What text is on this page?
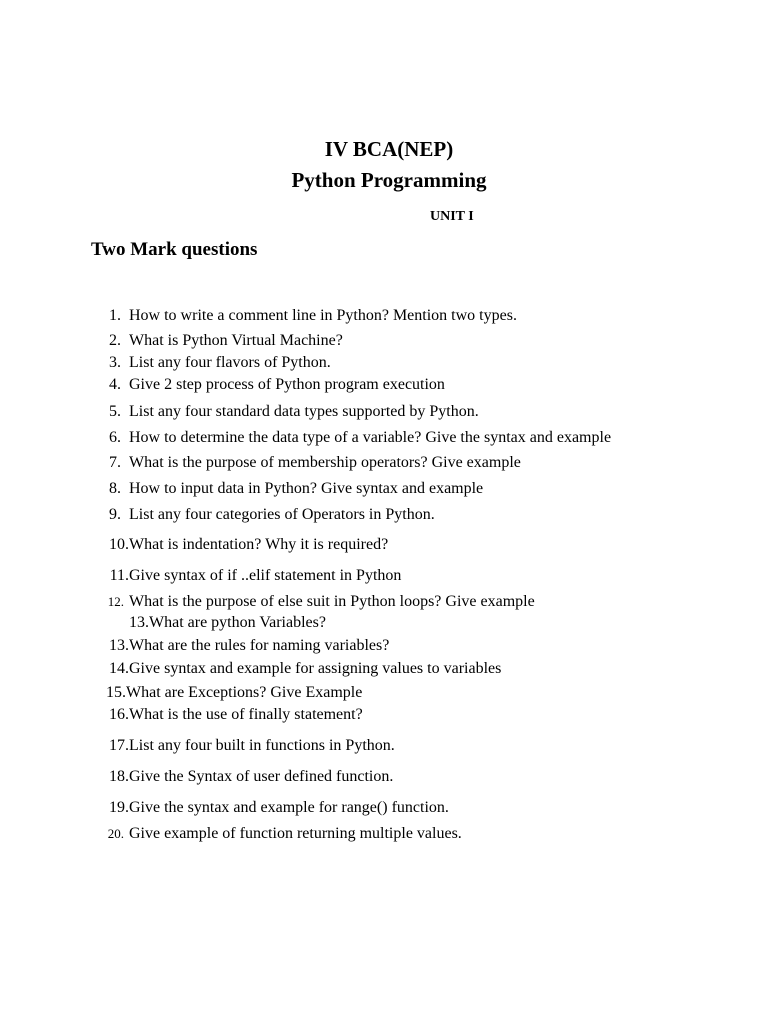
IV BCA(NEP)
Python Programming
UNIT I
Two Mark questions
1. How to write a comment line in Python? Mention two types.
2. What is Python Virtual Machine?
3. List any four flavors of Python.
4. Give 2 step process of Python program execution
5. List any four standard data types supported by Python.
6. How to determine the data type of a variable? Give the syntax and example
7. What is the purpose of membership operators? Give example
8. How to input data in Python? Give syntax and example
9. List any four categories of Operators in Python.
10. What is indentation? Why it is required?
11. Give syntax of if ..elif statement in Python
12. What is the purpose of else suit in Python loops? Give example
13.What are python Variables?
13. What are the rules for naming variables?
14. Give syntax and example for assigning values to variables
15. What are Exceptions? Give Example
16. What is the use of finally statement?
17. List any four built in functions in Python.
18. Give the Syntax of user defined function.
19. Give the syntax and example for range() function.
20. Give example of function returning multiple values.
